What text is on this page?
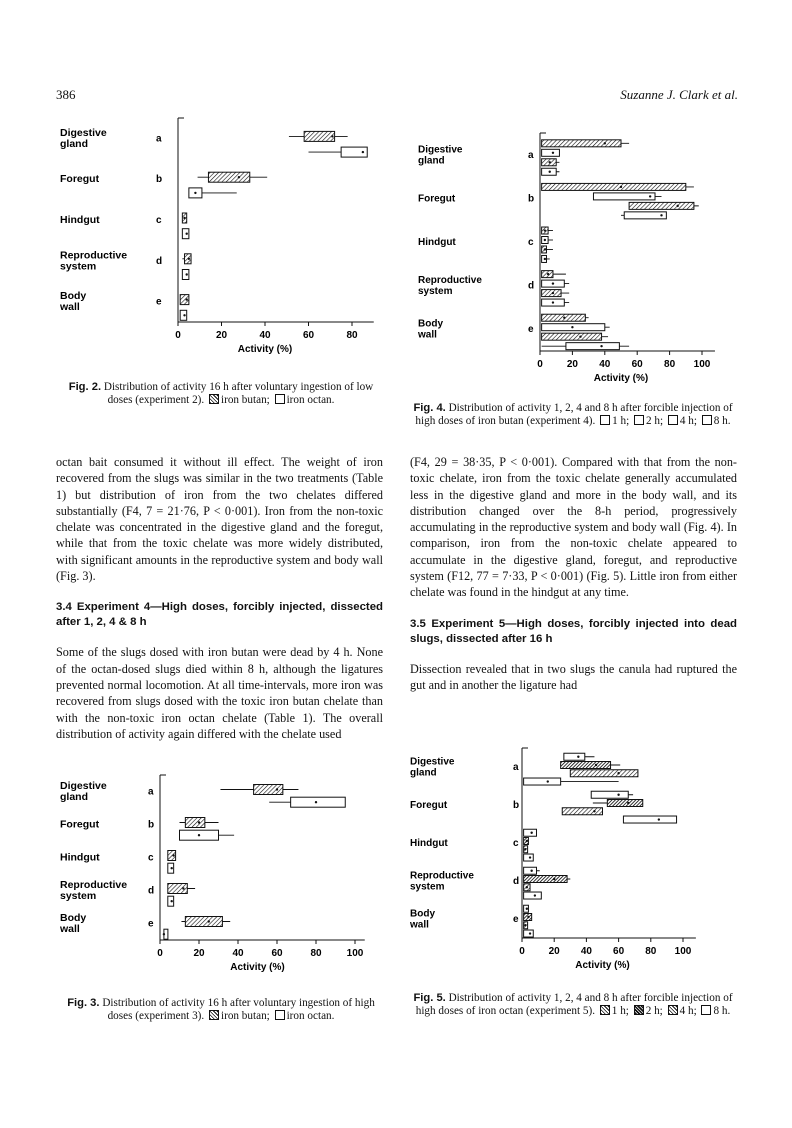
386	Suzanne J. Clark et al.
0	20	40	60	80
Activity (%)
Digestive
gland	a
Foregut	b
Hindgut	c
Reproductive
system	d
Body
wall	e
Fig. 2. Distribution of activity 16 h after voluntary ingestion of low doses (experiment 2). iron butan; iron octan.
0 20 40 60 80 100
Activity (%)
Digestive
gland	a
Foregut	b
Hindgut	c
Reproductive
system	d
Body
wall	e
Fig. 4. Distribution of activity 1, 2, 4 and 8 h after forcible injection of high doses of iron butan (experiment 4). 1 h; 2 h; 4 h; 8 h.

octan bait consumed it without ill effect. The weight of iron recovered from the slugs was similar in the two treatments (Table 1) but distribution of iron from the two chelates differed substantially (F4, 7 = 21·76, P < 0·001). Iron from the non-toxic chelate was concentrated in the digestive gland and the foregut, while that from the toxic chelate was more widely distributed, with significant amounts in the reproductive system and body wall (Fig. 3).

3.4 Experiment 4—High doses, forcibly injected, dissected after 1, 2, 4 & 8 h

Some of the slugs dosed with iron butan were dead by 4 h. None of the octan-dosed slugs died within 8 h, although the ligatures prevented normal locomotion. At all time-intervals, more iron was recovered from slugs dosed with the toxic iron butan chelate than with the non-toxic iron octan chelate (Table 1). The overall distribution of activity again differed with the chelate used

(F4, 29 = 38·35, P < 0·001). Compared with that from the non-toxic chelate, iron from the toxic chelate generally accumulated less in the digestive gland and more in the body wall, and its distribution changed over the 8-h period, progressively accumulating in the reproductive system and body wall (Fig. 4). In comparison, iron from the non-toxic chelate appeared to accumulate in the digestive gland, foregut, and reproductive system (F12, 77 = 7·33, P < 0·001) (Fig. 5). Little iron from either chelate was found in the hindgut at any time.

3.5 Experiment 5—High doses, forcibly injected into dead slugs, dissected after 16 h

Dissection revealed that in two slugs the canula had ruptured the gut and in another the ligature had

0	20	40	60	80	100
Activity (%)
Digestive
gland	a
Foregut	b
Hindgut	c
Reproductive
system	d
Body
wall	e
Fig. 3. Distribution of activity 16 h after voluntary ingestion of high doses (experiment 3). iron butan; iron octan.
0 20 40 60 80 100
Activity (%)
Digestive
gland	a
Foregut	b
Hindgut	c
Reproductive
system	d
Body
wall	e
Fig. 5. Distribution of activity 1, 2, 4 and 8 h after forcible injection of high doses of iron octan (experiment 5). 1 h; 2 h; 4 h; 8 h.
